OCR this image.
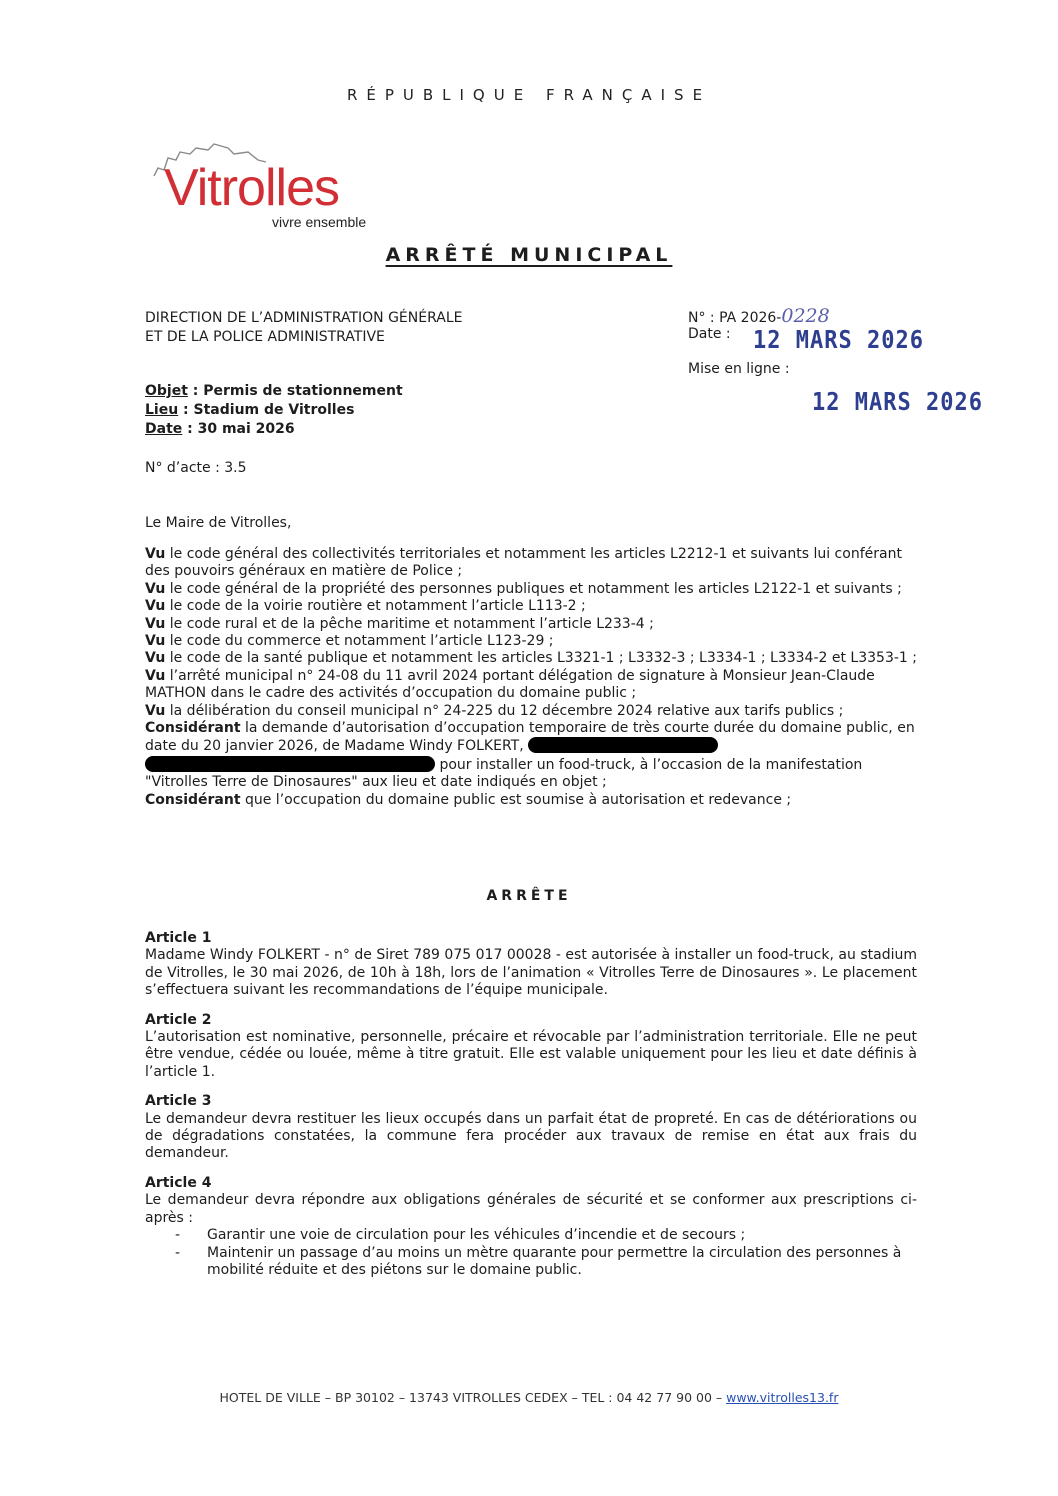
RÉPUBLIQUE FRANÇAISE
Vitrolles
vivre ensemble
ARRÊTÉ MUNICIPAL
DIRECTION DE L’ADMINISTRATION GÉNÉRALE
ET DE LA POLICE ADMINISTRATIVE
N° : PA 2026-0228
Date : 12 MARS 2026
Mise en ligne :
12 MARS 2026
Objet : Permis de stationnement
Lieu : Stadium de Vitrolles
Date : 30 mai 2026
N° d’acte : 3.5
Le Maire de Vitrolles,

Vu le code général des collectivités territoriales et notamment les articles L2212-1 et suivants lui conférant des pouvoirs généraux en matière de Police ;

Vu le code général de la propriété des personnes publiques et notamment les articles L2122-1 et suivants ;

Vu le code de la voirie routière et notamment l’article L113-2 ;

Vu le code rural et de la pêche maritime et notamment l’article L233-4 ;

Vu le code du commerce et notamment l’article L123-29 ;

Vu le code de la santé publique et notamment les articles L3321-1 ; L3332-3 ; L3334-1 ; L3334-2 et L3353-1 ;

Vu l’arrêté municipal n° 24-08 du 11 avril 2024 portant délégation de signature à Monsieur Jean-Claude MATHON dans le cadre des activités d’occupation du domaine public ;

Vu la délibération du conseil municipal n° 24-225 du 12 décembre 2024 relative aux tarifs publics ;

Considérant la demande d’autorisation d’occupation temporaire de très courte durée du domaine public, en date du 20 janvier 2026, de Madame Windy FOLKERT,   pour installer un food-truck, à l’occasion de la manifestation "Vitrolles Terre de Dinosaures" aux lieu et date indiqués en objet ;

Considérant que l’occupation du domaine public est soumise à autorisation et redevance ;

ARRÊTE
Article 1

Madame Windy FOLKERT - n° de Siret 789 075 017 00028 - est autorisée à installer un food-truck, au stadium de Vitrolles, le 30 mai 2026, de 10h à 18h, lors de l’animation « Vitrolles Terre de Dinosaures ». Le placement s’effectuera suivant les recommandations de l’équipe municipale.

Article 2

L’autorisation est nominative, personnelle, précaire et révocable par l’administration territoriale. Elle ne peut être vendue, cédée ou louée, même à titre gratuit. Elle est valable uniquement pour les lieu et date définis à l’article 1.

Article 3

Le demandeur devra restituer les lieux occupés dans un parfait état de propreté. En cas de détériorations ou de dégradations constatées, la commune fera procéder aux travaux de remise en état aux frais du demandeur.

Article 4

Le demandeur devra répondre aux obligations générales de sécurité et se conformer aux prescriptions ci-après :

- Garantir une voie de circulation pour les véhicules d’incendie et de secours ;
- Maintenir un passage d’au moins un mètre quarante pour permettre la circulation des personnes à mobilité réduite et des piétons sur le domaine public.
HOTEL DE VILLE – BP 30102 – 13743 VITROLLES CEDEX – TEL : 04 42 77 90 00 – www.vitrolles13.fr
